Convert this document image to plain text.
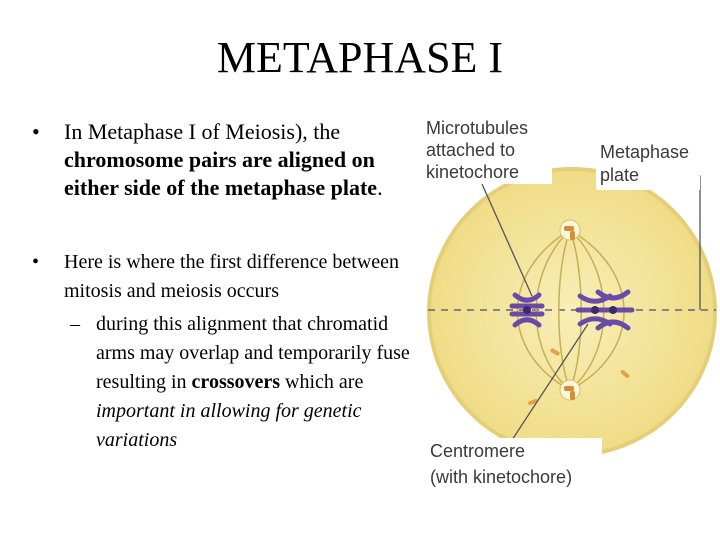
METAPHASE I
• In Metaphase I of Meiosis), the chromosome pairs are aligned on either side of the metaphase plate.
• Here is where the first difference between mitosis and meiosis occurs
– during this alignment that chromatid arms may overlap and temporarily fuse resulting in crossovers which are important in allowing for genetic variations
Microtubules
attached to
kinetochore
Metaphase
plate
Centromere
(with kinetochore)
